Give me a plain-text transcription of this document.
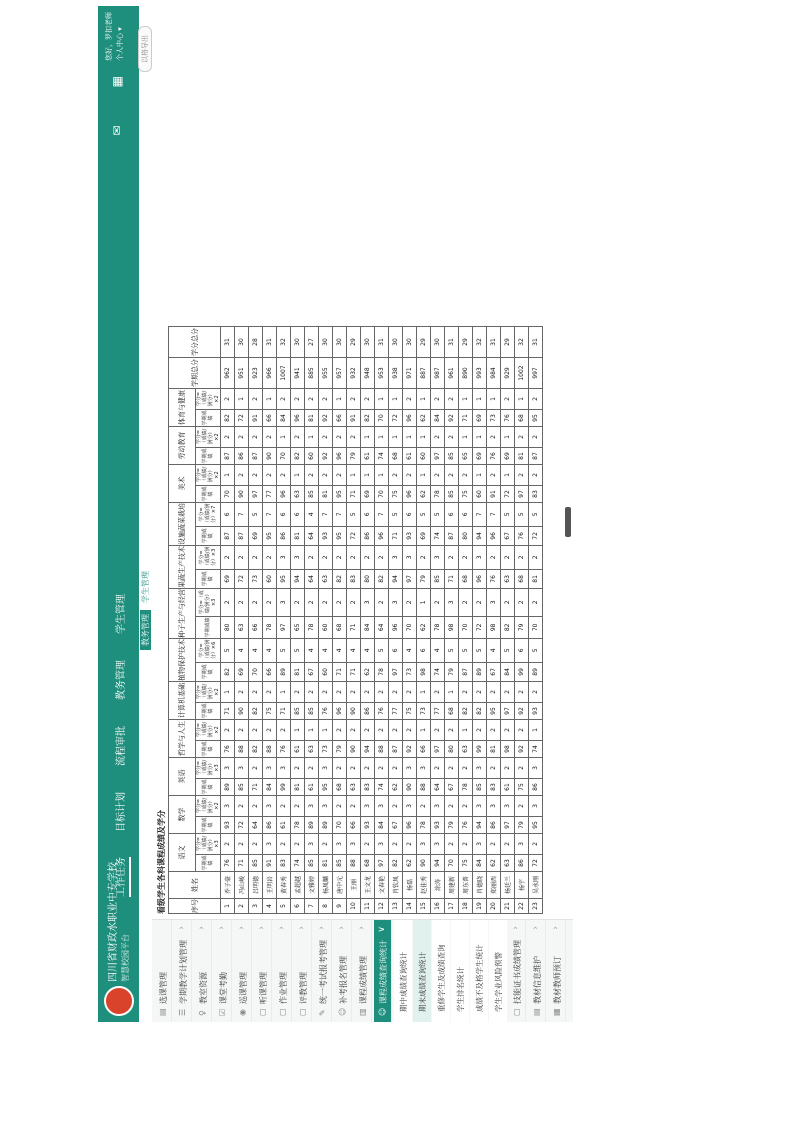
四川省财政水职业中专学校 智慧校园平台
工作任务
目标计划
流程审批
教务管理
学生管理
✉          ▦
您好，罗扣老师 个人中心 ▾
教务管理
学生管理
▤
选课管理
☰
学期教学计划管理
›
♀
教室资源
›
☑
课堂考勤
›
◉
巡课管理
›
▢
听课管理
›
▢
作业管理
›
▢
评教管理
›
✎
统一考试报考管理
›
☺
补考报名管理
›
▥
课程成绩管理
›
☺
课程成绩查询统计
∨
期中成绩查询统计 期末成绩查询统计 重修学生及成绩查询 学生排名统计 成绩不及格学生统计 学生学业风险预警
▢
技能证书成绩管理
›
▤
教材信息维护
›
▦
教材教师预订
›
以格导出
看级学生各科课程成绩及学分	序号	姓名	语文		数学		英语		哲学与人生		计算机基础		植物保护技术		种子生产与经营		果蔬生产技术		设施蔬菜栽培		美术		劳动教育		体育与健康		学期总分	学分总分
		学期成绩	学分=（成绩/满分）×3	学期成绩	学分=（成绩/满分）×2	学期成绩	学分=（成绩/满分）×3	学期成绩	学分=（成绩/满分）×2	学期成绩	学分=（成绩/满分）×2	学期成绩	学分=（成绩/满分）×6	学期成绩	学分=（成绩/满分）×3	学期成绩	学分=（成绩/满分）×3	学期成绩	学分=（成绩/满分）×7	学期成绩	学分=（成绩/满分）×2	学期成绩	学分=（成绩/满分）×2	学期成绩	学分=（成绩/满分）×2		
1	乔子豪	76	2	93	3	89	3	76	2	71	1	82	5	80	2	69	2	87	6	70	1	87	2	82	2	962	31
2	冯山峻	71	2	72	2	85	3	88	2	90	2	69	4	63	2	72	2	87	7	90	2	86	2	72	1	951	30
3	吕明德	85	2	64	2	71	2	82	2	82	2	70	4	66	2	73	2	69	5	97	2	87	2	91	2	923	28
4	王明岩	91	3	86	3	84	3	88	2	75	2	66	4	78	2	60	2	95	7	77	2	90	2	66	1	966	31
5	黄春秀	83	2	61	2	99	3	76	2	71	1	89	5	97	3	95	3	86	6	96	2	70	1	84	2	1007	32
6	孟超越	74	2	78	2	81	2	61	1	85	2	81	5	65	2	94	3	81	6	63	1	82	2	96	2	941	30
7	文雅婷	85	3	89	3	61	2	63	1	85	2	67	4	78	2	64	2	64	4	85	2	60	1	81	2	885	27
8	杨凤麟	81	2	89	3	95	3	73	1	76	2	60	4	60	2	63	2	93	7	81	2	92	2	92	2	955	30
9	唐中元	85	3	70	2	68	2	79	2	96	2	71	4	68	2	82	2	95	7	95	2	96	2	66	1	957	30
10	王丽	88	3	66	2	63	2	90	2	90	2	71	4	71	2	83	2	72	5	71	1	79	2	91	2	932	29
11	王文龙	68	2	93	3	83	2	94	2	86	2	62	4	84	3	80	2	86	6	69	1	61	1	82	2	948	30
12	文春艳	97	3	84	3	74	2	88	2	76	2	78	5	64	2	82	2	96	7	70	1	74	1	70	1	953	31
13	肖钦凤	82	2	67	2	62	2	87	2	77	2	97	6	96	3	94	3	71	5	75	2	68	1	72	1	938	30
14	杨磊	62	2	96	3	90	3	92	2	75	2	73	4	70	2	97	3	93	6	96	2	61	1	96	2	971	30
15	赵佳秀	90	3	78	2	88	3	66	1	73	1	98	6	62	1	79	2	69	5	62	1	60	1	62	1	887	29
16	涂涛	94	3	93	3	64	2	97	2	77	2	74	4	78	2	85	3	74	5	78	2	97	2	84	2	987	30
17	周建新	70	2	79	2	67	2	80	2	68	1	79	5	98	3	71	2	87	6	85	2	85	2	92	2	961	31
18	周东普	75	2	76	2	78	2	63	1	82	2	87	5	70	2	68	2	80	6	75	2	65	1	71	1	890	29
19	肖德晓	84	3	94	3	85	3	99	2	82	2	89	5	72	2	96	3	94	7	60	1	69	1	69	1	993	32
20	郑丽西	62	2	86	3	83	2	81	2	95	2	67	4	98	3	76	2	96	7	91	2	76	2	73	1	984	31
21	杨廷兰	63	2	97	3	61	2	98	2	97	2	84	5	82	2	63	2	67	5	72	1	69	1	76	2	929	29
22	杨宇	86	3	79	2	75	2	92	2	92	2	99	6	79	2	68	2	76	5	97	2	81	2	68	1	1002	32
23	吴永刚	72	2	95	3	86	3	74	1	93	2	89	5	70	2	81	2	72	5	83	2	87	2	95	2	997	31
